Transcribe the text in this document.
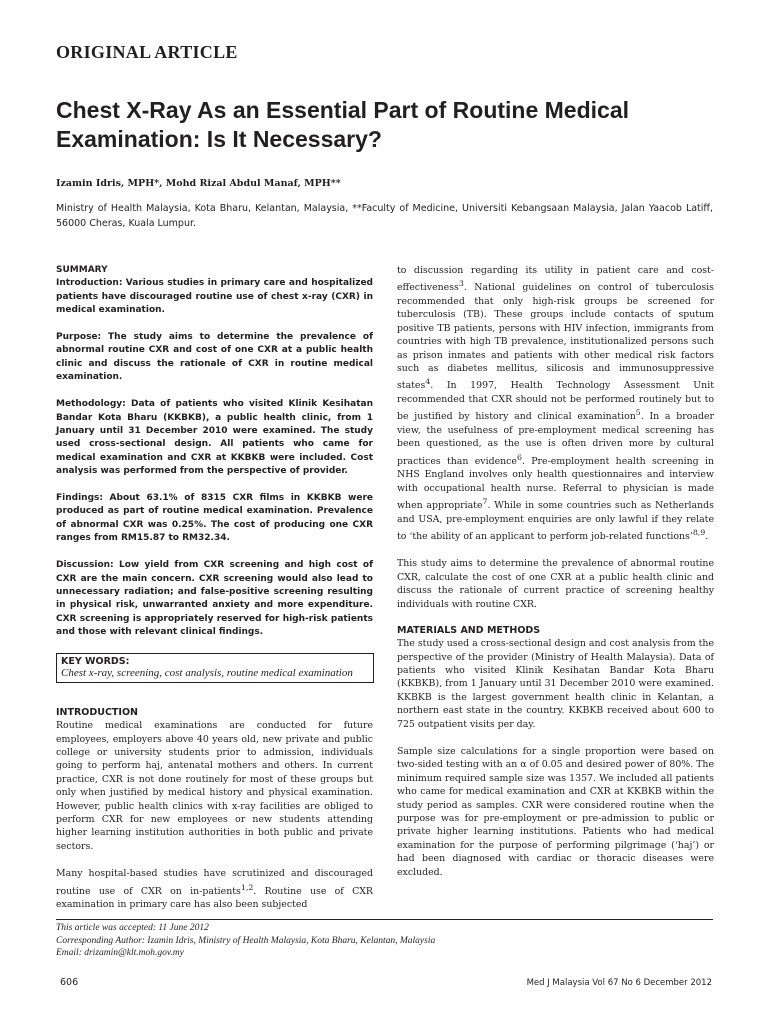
ORIGINAL ARTICLE
Chest X-Ray As an Essential Part of Routine Medical Examination: Is It Necessary?

Izamin Idris, MPH*, Mohd Rizal Abdul Manaf, MPH**

Ministry of Health Malaysia, Kota Bharu, Kelantan, Malaysia, **Faculty of Medicine, Universiti Kebangsaan Malaysia, Jalan Yaacob Latiff, 56000 Cheras, Kuala Lumpur.

SUMMARY

Introduction: Various studies in primary care and hospitalized patients have discouraged routine use of chest x-ray (CXR) in medical examination.

Purpose: The study aims to determine the prevalence of abnormal routine CXR and cost of one CXR at a public health clinic and discuss the rationale of CXR in routine medical examination.

Methodology: Data of patients who visited Klinik Kesihatan Bandar Kota Bharu (KKBKB), a public health clinic, from 1 January until 31 December 2010 were examined. The study used cross-sectional design. All patients who came for medical examination and CXR at KKBKB were included. Cost analysis was performed from the perspective of provider.

Findings: About 63.1% of 8315 CXR films in KKBKB were produced as part of routine medical examination. Prevalence of abnormal CXR was 0.25%. The cost of producing one CXR ranges from RM15.87 to RM32.34.

Discussion: Low yield from CXR screening and high cost of CXR are the main concern. CXR screening would also lead to unnecessary radiation; and false-positive screening resulting in physical risk, unwarranted anxiety and more expenditure. CXR screening is appropriately reserved for high-risk patients and those with relevant clinical findings.

KEY WORDS:
Chest x-ray, screening, cost analysis, routine medical examination
INTRODUCTION

Routine medical examinations are conducted for future employees, employers above 40 years old, new private and public college or university students prior to admission, individuals going to perform haj, antenatal mothers and others. In current practice, CXR is not done routinely for most of these groups but only when justified by medical history and physical examination. However, public health clinics with x-ray facilities are obliged to perform CXR for new employees or new students attending higher learning institution authorities in both public and private sectors.

Many hospital-based studies have scrutinized and discouraged routine use of CXR on in-patients$^{1,2}$. Routine use of CXR examination in primary care has also been subjected

to discussion regarding its utility in patient care and cost-effectiveness$^3$. National guidelines on control of tuberculosis recommended that only high-risk groups be screened for tuberculosis (TB). These groups include contacts of sputum positive TB patients, persons with HIV infection, immigrants from countries with high TB prevalence, institutionalized persons such as prison inmates and patients with other medical risk factors such as diabetes mellitus, silicosis and immunosuppressive states$^4$. In 1997, Health Technology Assessment Unit recommended that CXR should not be performed routinely but to be justified by history and clinical examination$^5$. In a broader view, the usefulness of pre-employment medical screening has been questioned, as the use is often driven more by cultural practices than evidence$^6$. Pre-employment health screening in NHS England involves only health questionnaires and interview with occupational health nurse. Referral to physician is made when appropriate$^7$. While in some countries such as Netherlands and USA, pre-employment enquiries are only lawful if they relate to ‘the ability of an applicant to perform job-related functions’$^{8,9}$.

This study aims to determine the prevalence of abnormal routine CXR, calculate the cost of one CXR at a public health clinic and discuss the rationale of current practice of screening healthy individuals with routine CXR.

MATERIALS AND METHODS

The study used a cross-sectional design and cost analysis from the perspective of the provider (Ministry of Health Malaysia). Data of patients who visited Klinik Kesihatan Bandar Kota Bharu (KKBKB), from 1 January until 31 December 2010 were examined. KKBKB is the largest government health clinic in Kelantan, a northern east state in the country. KKBKB received about 600 to 725 outpatient visits per day.

Sample size calculations for a single proportion were based on two-sided testing with an α of 0.05 and desired power of 80%. The minimum required sample size was 1357. We included all patients who came for medical examination and CXR at KKBKB within the study period as samples. CXR were considered routine when the purpose was for pre-employment or pre-admission to public or private higher learning institutions. Patients who had medical examination for the purpose of performing pilgrimage (‘haj’) or had been diagnosed with cardiac or thoracic diseases were excluded.

This article was accepted: 11 June 2012

Corresponding Author: Izamin Idris, Ministry of Health Malaysia, Kota Bharu, Kelantan, Malaysia

Email: drizamin@klt.moh.gov.my

606	Med J Malaysia Vol 67 No 6 December 2012
